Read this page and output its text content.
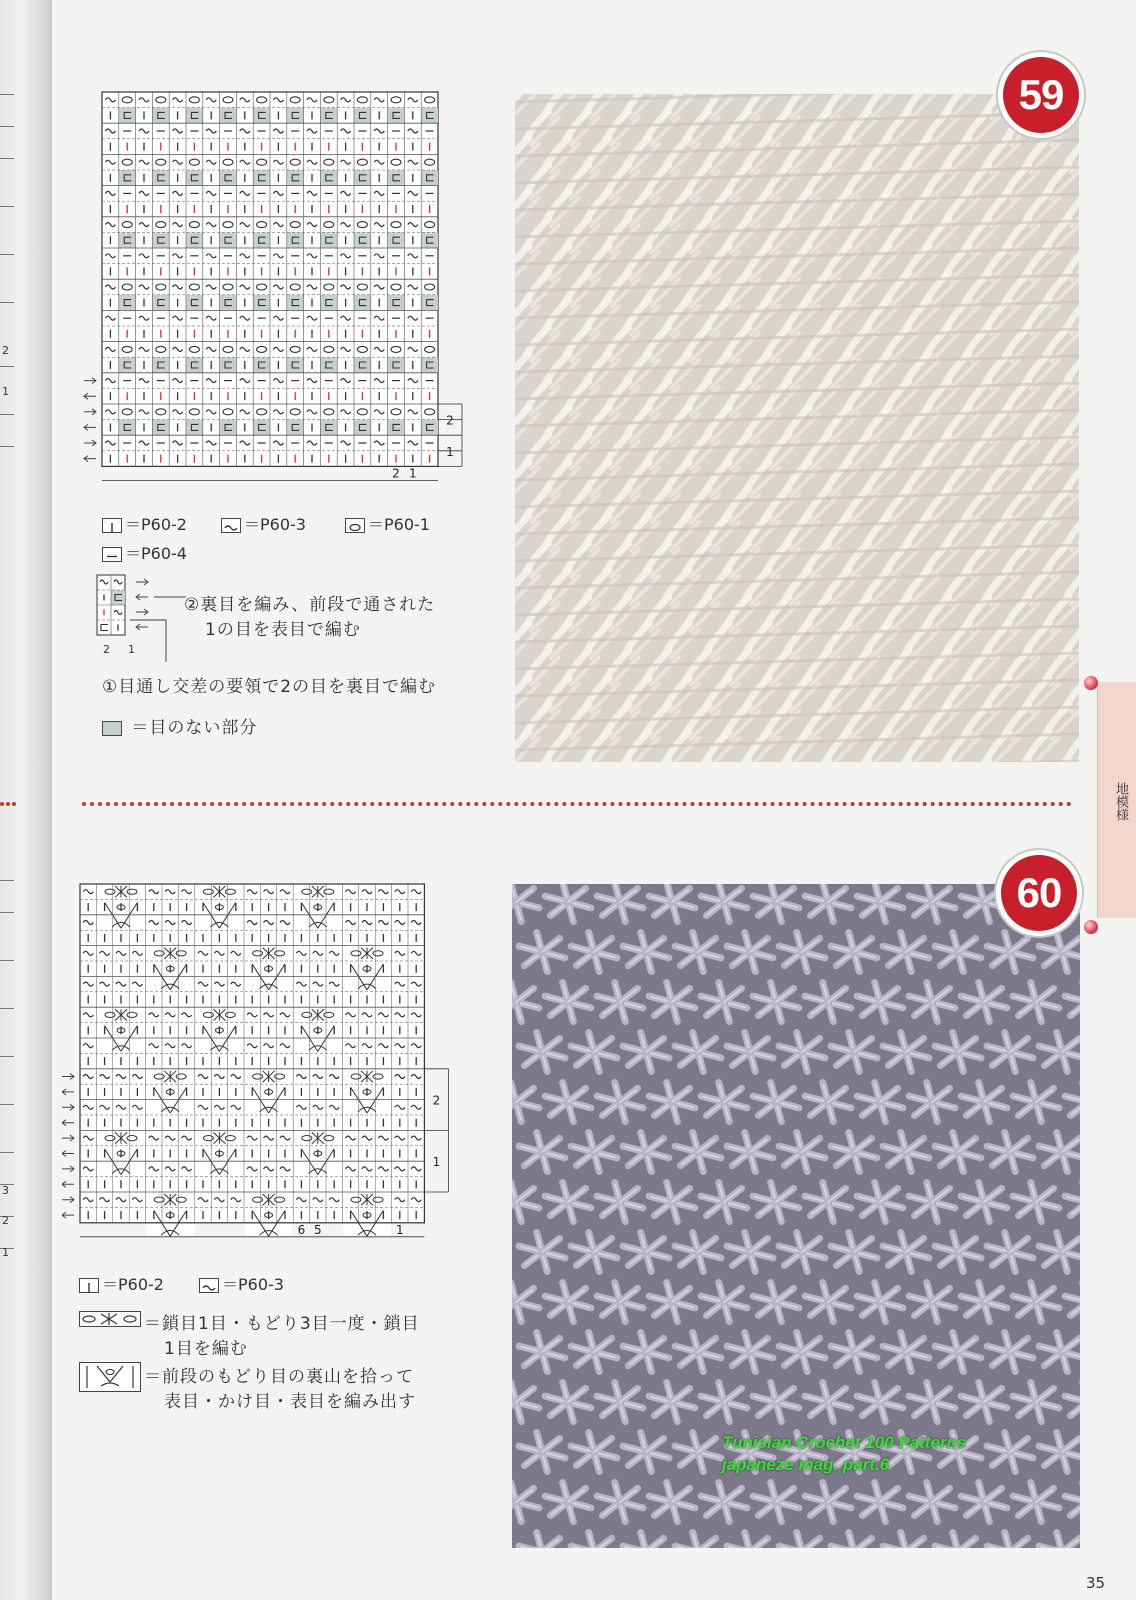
2
1
3
2
1
2
1
2 1
＝P60-2	＝P60-3	＝P60-1
＝P60-4
2 1
②裏目を編み、前段で通された
1の目を表目で編む
①目通し交差の要領で2の目を裏目で編む
＝目のない部分
59
地模様
2
1
6 5	1
＝P60-2	＝P60-3
＝鎖目1目・もどり3目一度・鎖目
1目を編む
＝前段のもどり目の裏山を拾って
表目・かけ目・表目を編み出す
60
Tunisian Crochet 100 Patterns
japaneze mag. part.6
35
